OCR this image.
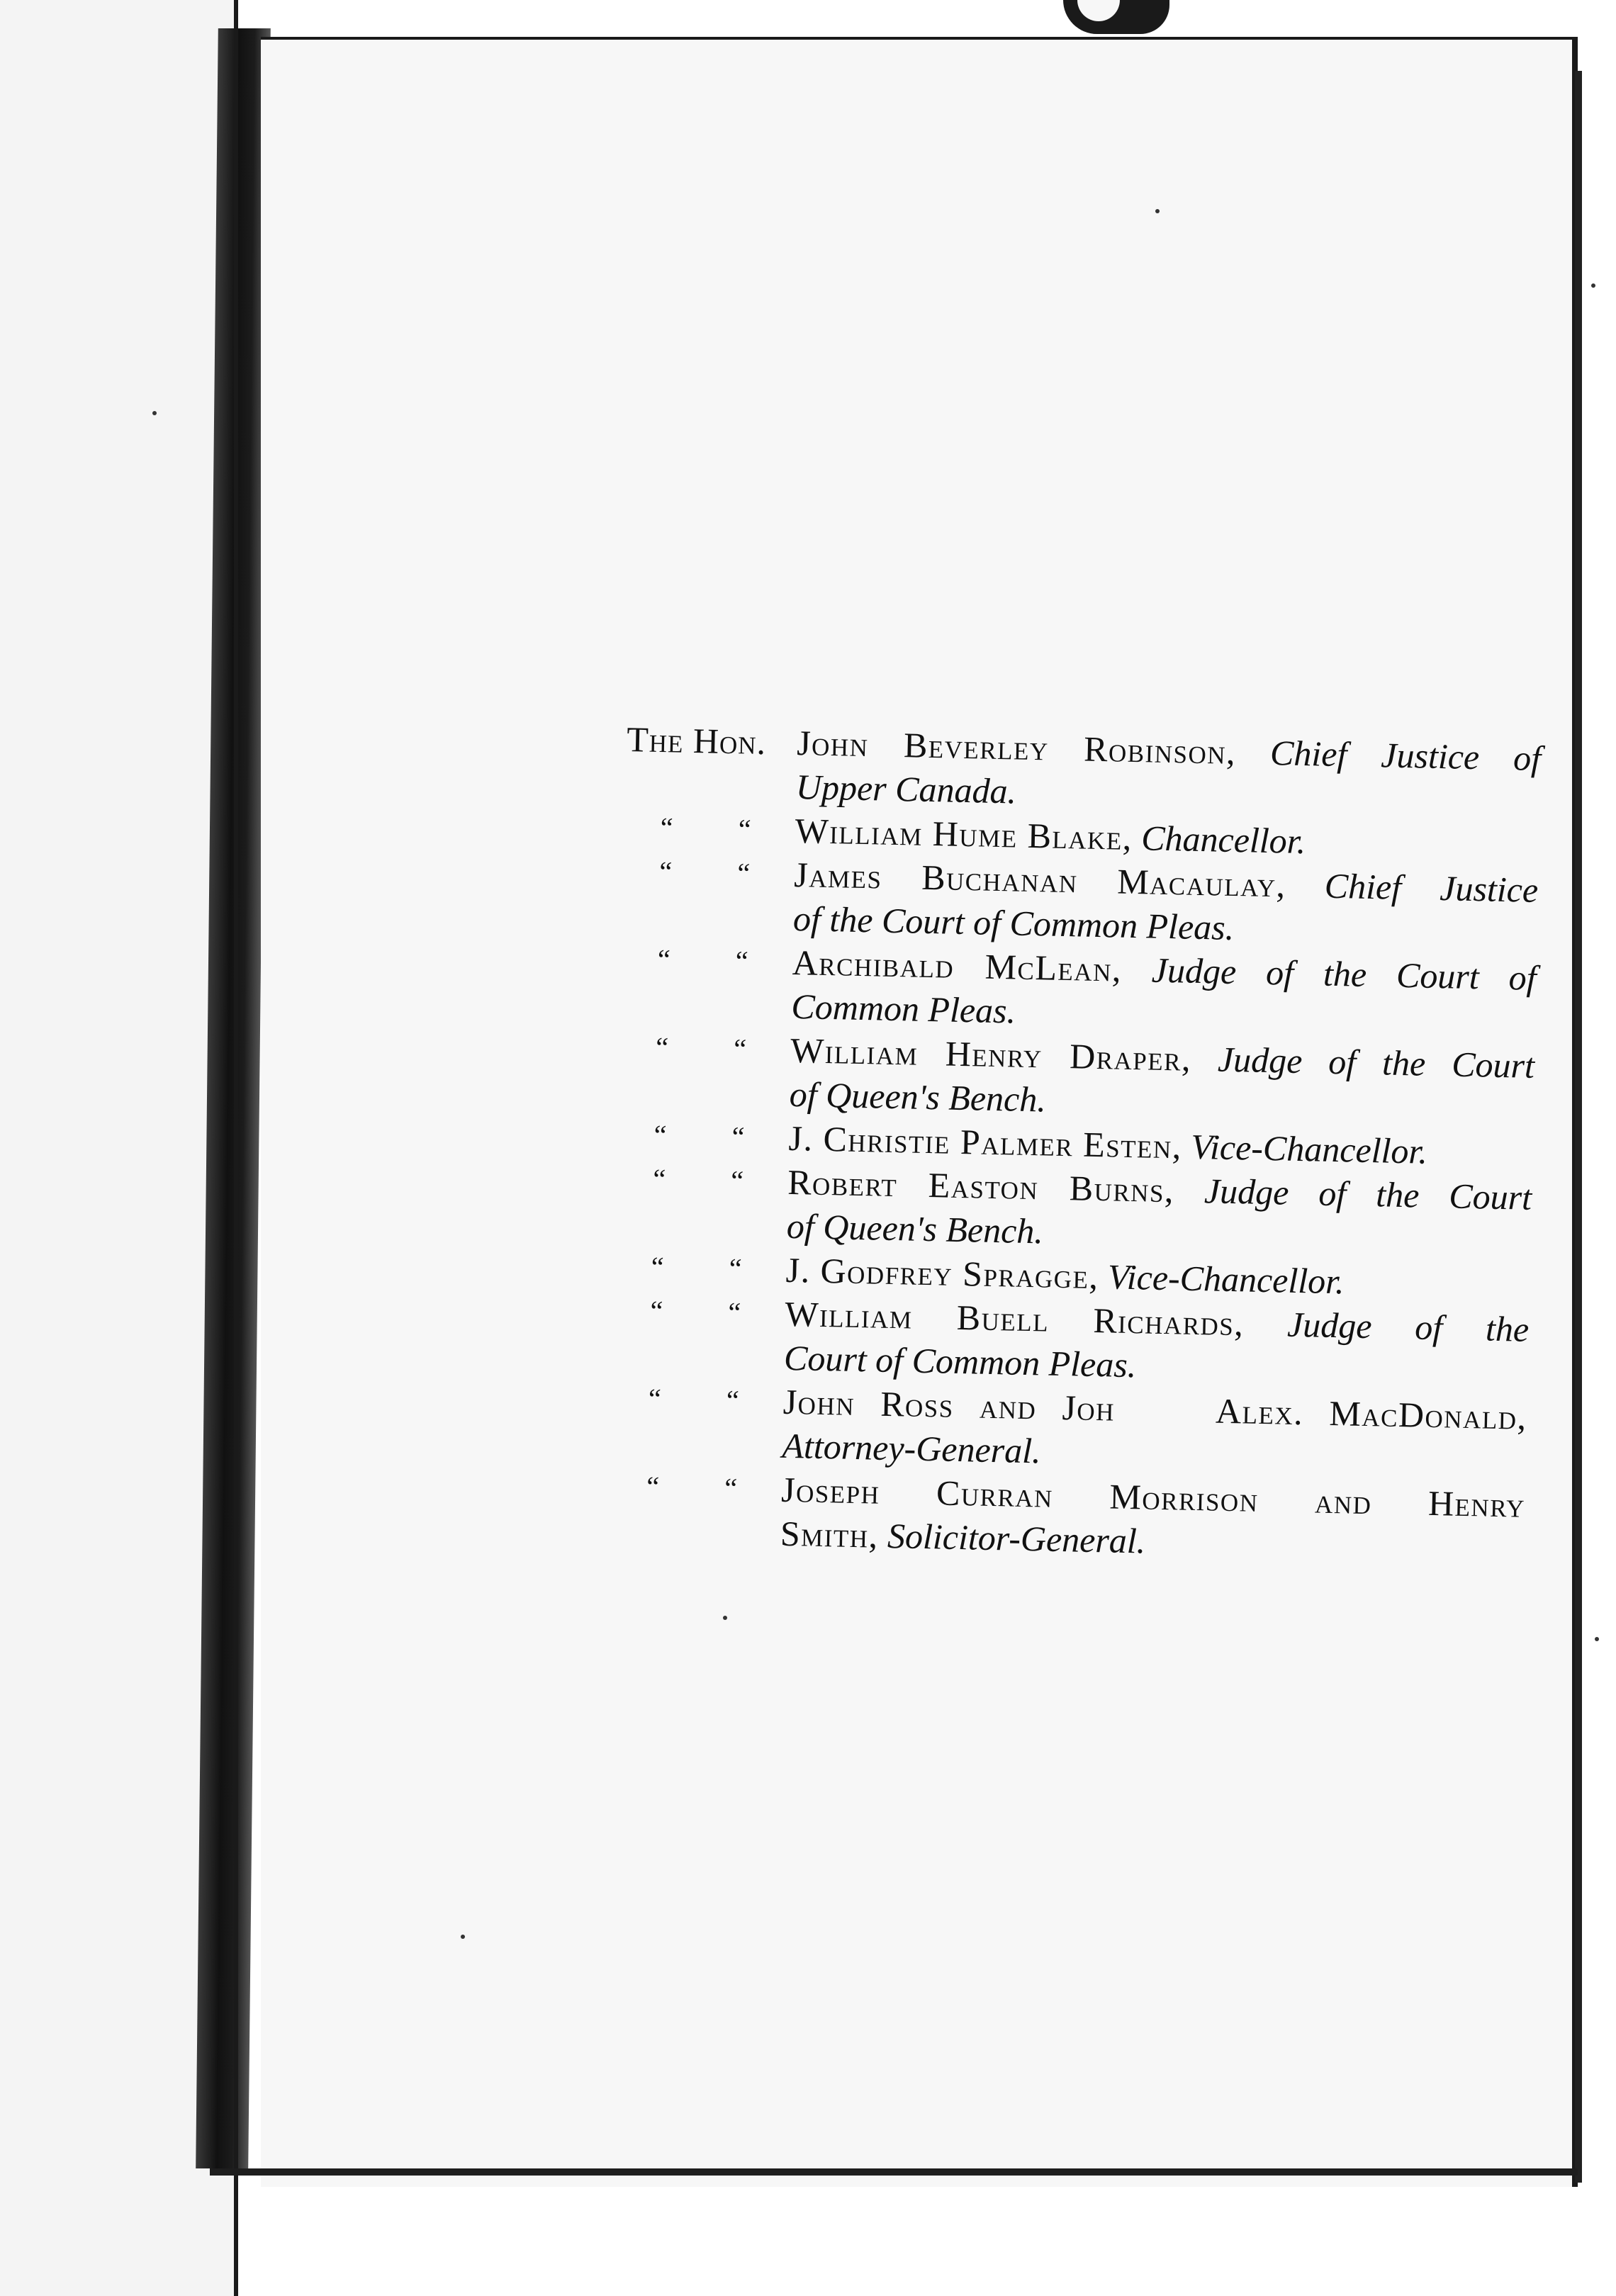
The Hon. John Beverley Robinson, Chief Justice of
Upper Canada.
“ “ William Hume Blake, Chancellor.
“ “ James Buchanan Macaulay, Chief Justice
of the Court of Common Pleas.
“ “ Archibald McLean, Judge of the Court of
Common Pleas.
“ “ William Henry Draper, Judge of the Court
of Queen's Bench.
“ “ J. Christie Palmer Esten, Vice-Chancellor.
“ “ Robert Easton Burns, Judge of the Court
of Queen's Bench.
“ “ J. Godfrey Spragge, Vice-Chancellor.
“ “ William Buell Richards, Judge of the
Court of Common Pleas.
“ “ John Ross and Joh    Alex. MacDonald,
Attorney-General.
“ “ Joseph Curran Morrison and Henry
Smith, Solicitor-General.
